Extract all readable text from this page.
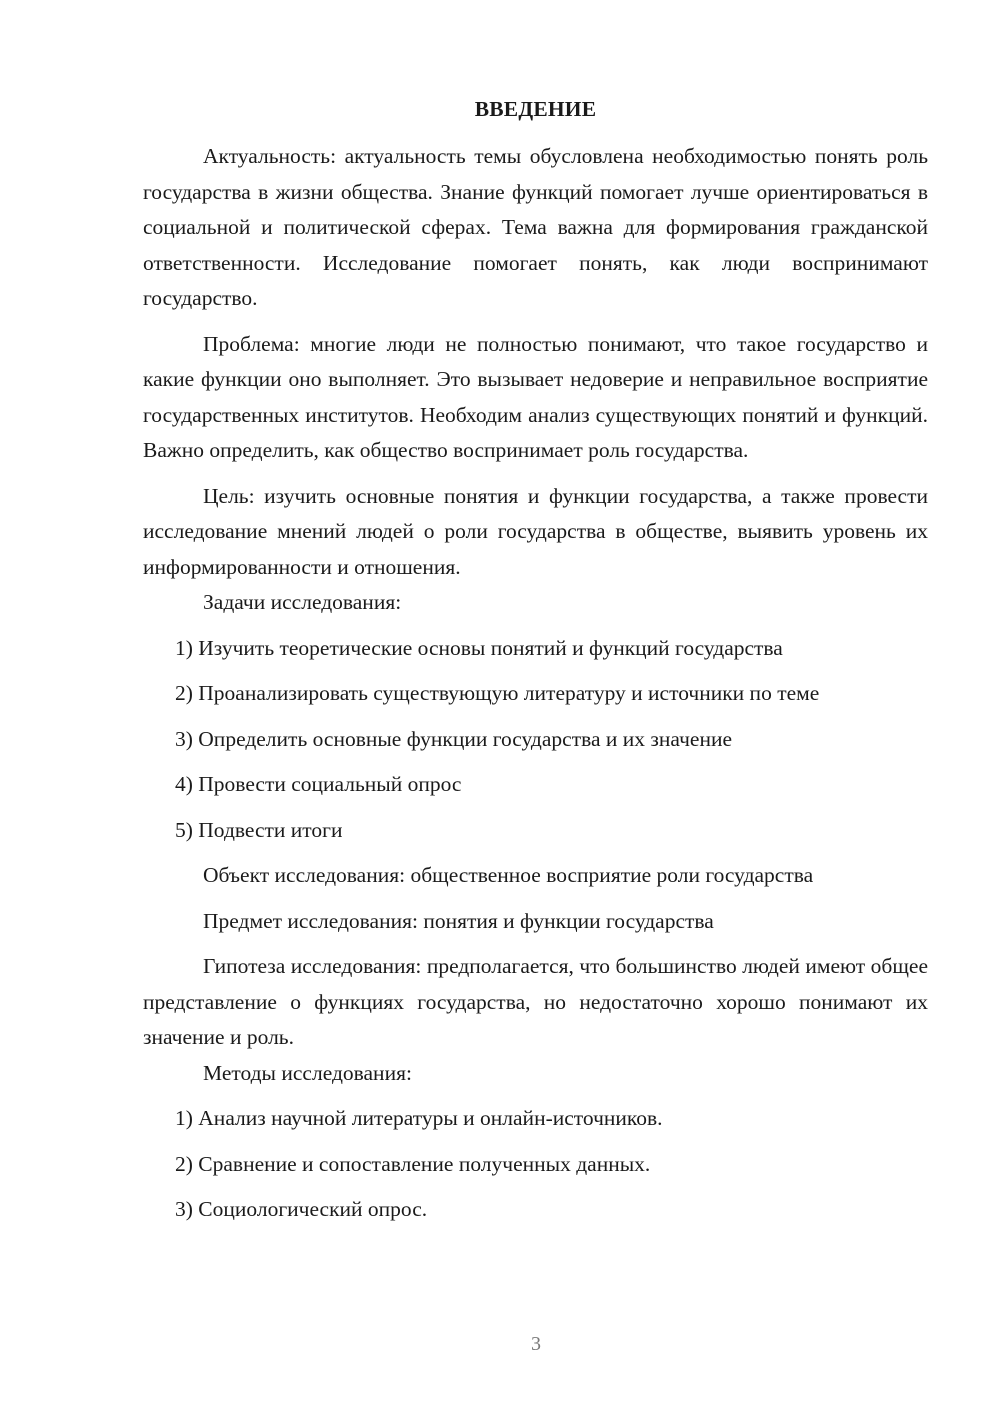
ВВЕДЕНИЕ

Актуальность: актуальность темы обусловлена необходимостью понять роль государства в жизни общества. Знание функций помогает лучше ориентироваться в социальной и политической сферах. Тема важна для формирования гражданской ответственности. Исследование помогает понять, как люди воспринимают государство.

Проблема: многие люди не полностью понимают, что такое государство и какие функции оно выполняет. Это вызывает недоверие и неправильное восприятие государственных институтов. Необходим анализ существующих понятий и функций. Важно определить, как общество воспринимает роль государства.

Цель: изучить основные понятия и функции государства, а также провести исследование мнений людей о роли государства в обществе, выявить уровень их информированности и отношения.

Задачи исследования:

1) Изучить теоретические основы понятий и функций государства

2) Проанализировать существующую литературу и источники по теме

3) Определить основные функции государства и их значение

4) Провести социальный опрос

5) Подвести итоги

Объект исследования: общественное восприятие роли государства

Предмет исследования: понятия и функции государства

Гипотеза исследования: предполагается, что большинство людей имеют общее представление о функциях государства, но недостаточно хорошо понимают их значение и роль.

Методы исследования:

1) Анализ научной литературы и онлайн-источников.

2) Сравнение и сопоставление полученных данных.

3) Социологический опрос.

3
